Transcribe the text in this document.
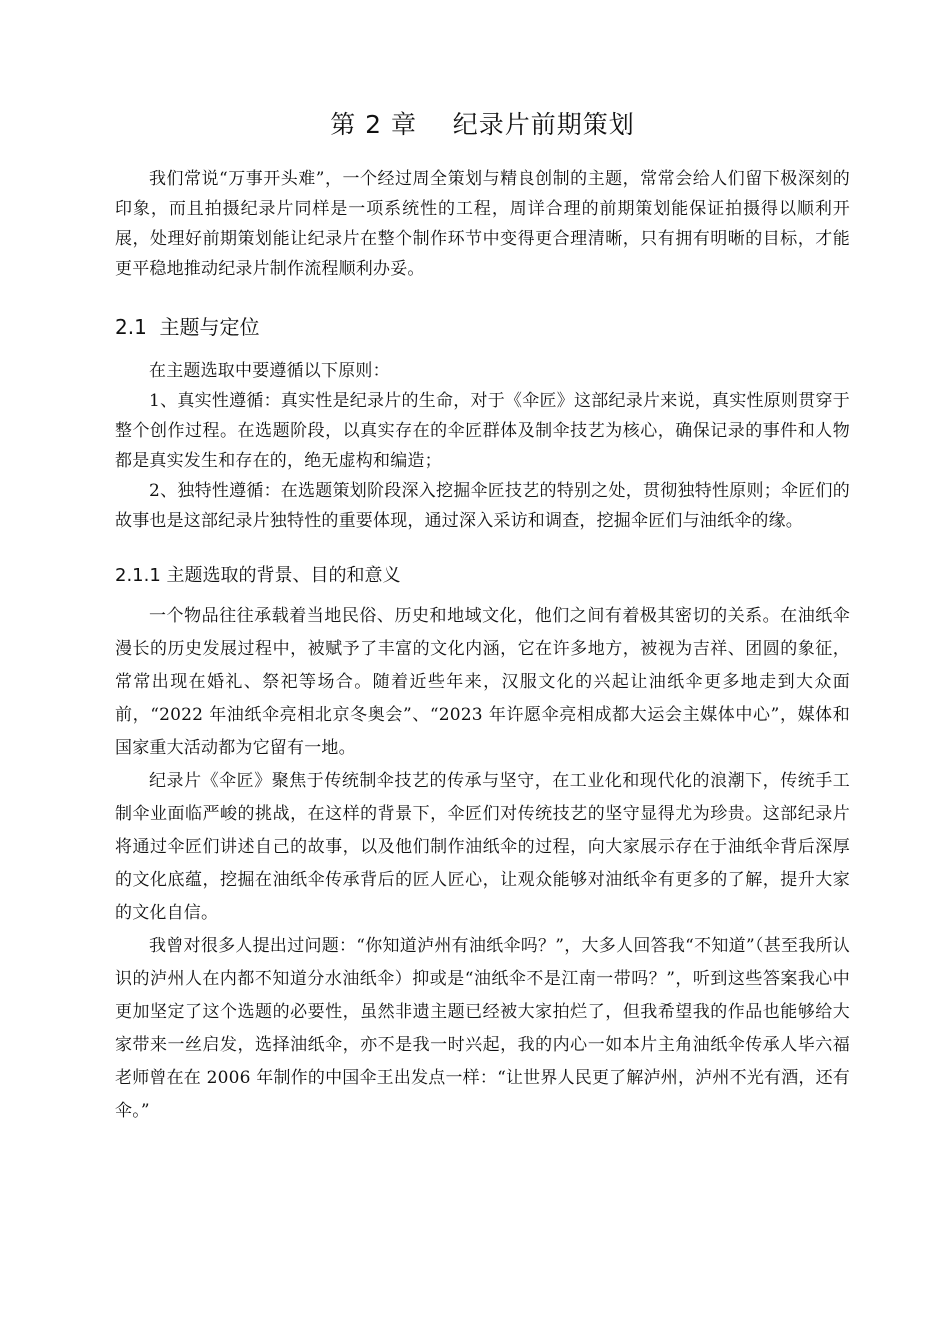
第 2 章    纪录片前期策划

我们常说“万事开头难”，一个经过周全策划与精良创制的主题，常常会给人们留下极深刻的印象，而且拍摄纪录片同样是一项系统性的工程，周详合理的前期策划能保证拍摄得以顺利开展，处理好前期策划能让纪录片在整个制作环节中变得更合理清晰，只有拥有明晰的目标，才能更平稳地推动纪录片制作流程顺利办妥。

2.1  主题与定位

在主题选取中要遵循以下原则：

1、真实性遵循：真实性是纪录片的生命，对于《伞匠》这部纪录片来说，真实性原则贯穿于整个创作过程。在选题阶段，以真实存在的伞匠群体及制伞技艺为核心，确保记录的事件和人物都是真实发生和存在的，绝无虚构和编造；

2、独特性遵循：在选题策划阶段深入挖掘伞匠技艺的特别之处，贯彻独特性原则；伞匠们的故事也是这部纪录片独特性的重要体现，通过深入采访和调查，挖掘伞匠们与油纸伞的缘。

2.1.1 主题选取的背景、目的和意义

一个物品往往承载着当地民俗、历史和地域文化，他们之间有着极其密切的关系。在油纸伞漫长的历史发展过程中，被赋予了丰富的文化内涵，它在许多地方，被视为吉祥、团圆的象征，常常出现在婚礼、祭祀等场合。随着近些年来，汉服文化的兴起让油纸伞更多地走到大众面前，“2022 年油纸伞亮相北京冬奥会”、“2023 年许愿伞亮相成都大运会主媒体中心”，媒体和国家重大活动都为它留有一地。

纪录片《伞匠》聚焦于传统制伞技艺的传承与坚守，在工业化和现代化的浪潮下，传统手工制伞业面临严峻的挑战，在这样的背景下，伞匠们对传统技艺的坚守显得尤为珍贵。这部纪录片将通过伞匠们讲述自己的故事，以及他们制作油纸伞的过程，向大家展示存在于油纸伞背后深厚的文化底蕴，挖掘在油纸伞传承背后的匠人匠心，让观众能够对油纸伞有更多的了解，提升大家的文化自信。

我曾对很多人提出过问题：“你知道泸州有油纸伞吗？”，大多人回答我“不知道”（甚至我所认识的泸州人在内都不知道分水油纸伞）抑或是“油纸伞不是江南一带吗？”，听到这些答案我心中更加坚定了这个选题的必要性，虽然非遗主题已经被大家拍烂了，但我希望我的作品也能够给大家带来一丝启发，选择油纸伞，亦不是我一时兴起，我的内心一如本片主角油纸伞传承人毕六福老师曾在在 2006 年制作的中国伞王出发点一样：“让世界人民更了解泸州，泸州不光有酒，还有伞。”
